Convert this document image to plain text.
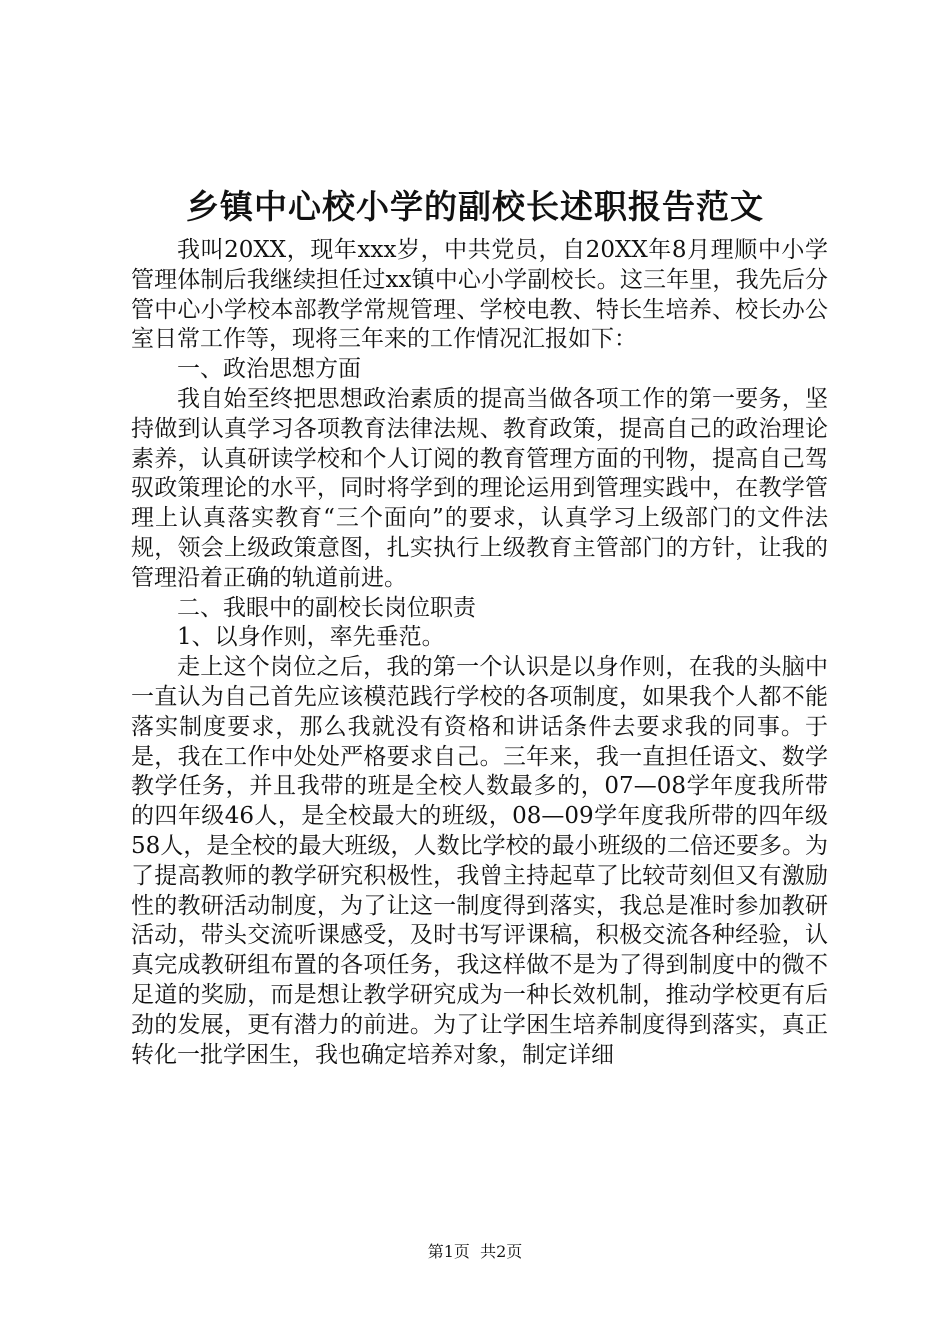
乡镇中心校小学的副校长述职报告范文

我叫20XX，现年xxx岁，中共党员，自20XX年8月理顺中小学管理体制后我继续担任过xx镇中心小学副校长。这三年里，我先后分管中心小学校本部教学常规管理、学校电教、特长生培养、校长办公室日常工作等，现将三年来的工作情况汇报如下：

一、政治思想方面

我自始至终把思想政治素质的提高当做各项工作的第一要务，坚持做到认真学习各项教育法律法规、教育政策，提高自己的政治理论素养，认真研读学校和个人订阅的教育管理方面的刊物，提高自己驾驭政策理论的水平，同时将学到的理论运用到管理实践中，在教学管理上认真落实教育“三个面向”的要求，认真学习上级部门的文件法规，领会上级政策意图，扎实执行上级教育主管部门的方针，让我的管理沿着正确的轨道前进。

二、我眼中的副校长岗位职责

1、以身作则，率先垂范。

走上这个岗位之后，我的第一个认识是以身作则，在我的头脑中一直认为自己首先应该模范践行学校的各项制度，如果我个人都不能落实制度要求，那么我就没有资格和讲话条件去要求我的同事。于是，我在工作中处处严格要求自己。三年来，我一直担任语文、数学教学任务，并且我带的班是全校人数最多的，07—08学年度我所带的四年级46人，是全校最大的班级，08—09学年度我所带的四年级58人，是全校的最大班级，人数比学校的最小班级的二倍还要多。为了提高教师的教学研究积极性，我曾主持起草了比较苛刻但又有激励性的教研活动制度，为了让这一制度得到落实，我总是准时参加教研活动，带头交流听课感受，及时书写评课稿，积极交流各种经验，认真完成教研组布置的各项任务，我这样做不是为了得到制度中的微不足道的奖励，而是想让教学研究成为一种长效机制，推动学校更有后劲的发展，更有潜力的前进。为了让学困生培养制度得到落实，真正转化一批学困生，我也确定培养对象，制定详细

第1页  共2页
